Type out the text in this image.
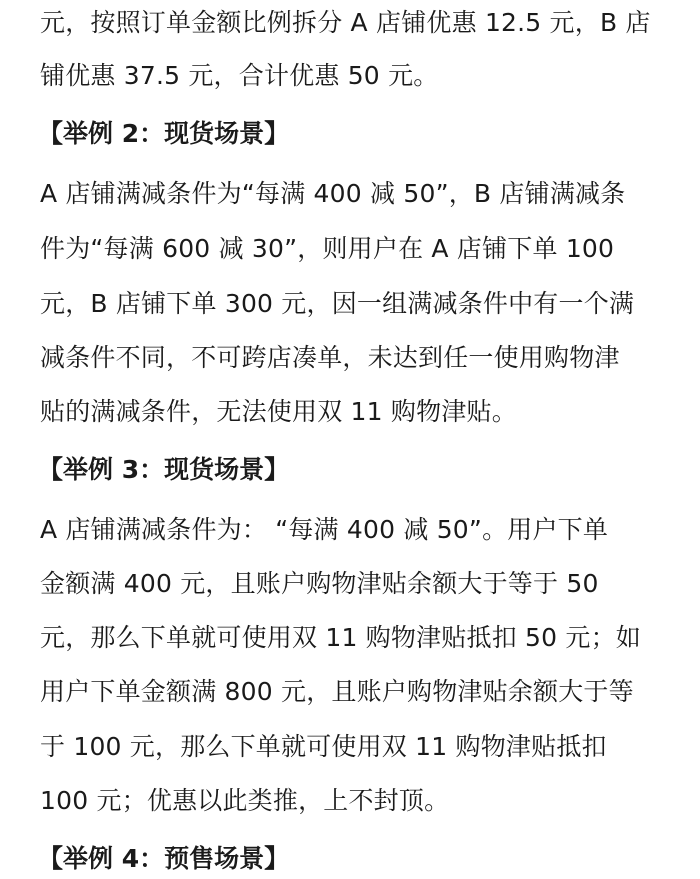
元，按照订单金额比例拆分 A 店铺优惠 12.5 元，B 店
铺优惠 37.5 元，合计优惠 50 元。
【举例 2：现货场景】
A 店铺满减条件为“每满 400 减 50”，B 店铺满减条
件为“每满 600 减 30”，则用户在 A 店铺下单 100
元，B 店铺下单 300 元，因一组满减条件中有一个满
减条件不同，不可跨店凑单，未达到任一使用购物津
贴的满减条件，无法使用双 11 购物津贴。
【举例 3：现货场景】
A 店铺满减条件为： “每满 400 减 50”。用户下单
金额满 400 元，且账户购物津贴余额大于等于 50
元，那么下单就可使用双 11 购物津贴抵扣 50 元；如
用户下单金额满 800 元，且账户购物津贴余额大于等
于 100 元，那么下单就可使用双 11 购物津贴抵扣
100 元；优惠以此类推，上不封顶。
【举例 4：预售场景】
